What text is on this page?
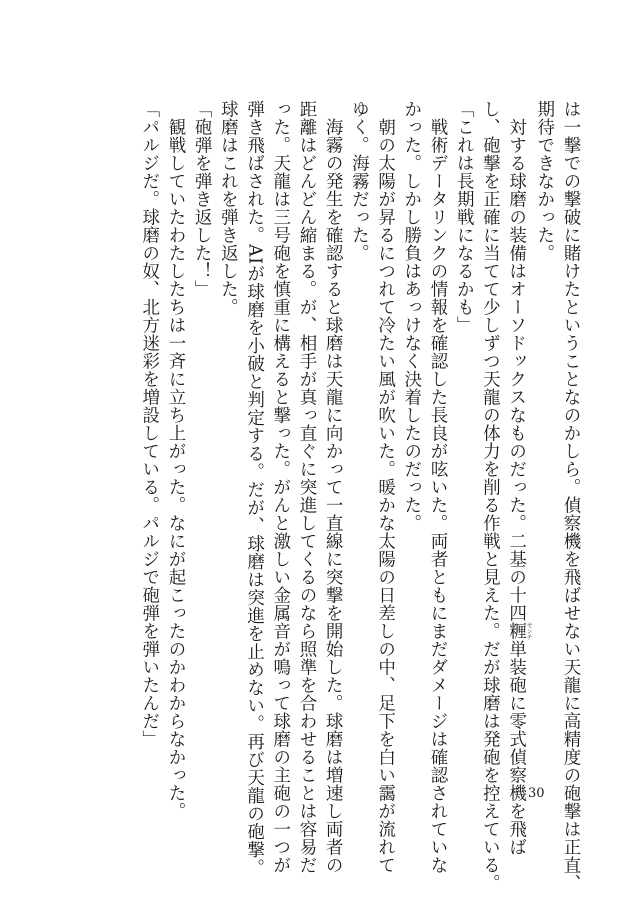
は一撃での撃破に賭けたということなのかしら。偵察機を飛ばせない天龍に高精度の砲撃は正直、
期待できなかった。
　対する球磨の装備はオーソドックスなものだった。二基の十四糎センチ単装砲に零式偵察機を飛ば
し、砲撃を正確に当てて少しずつ天龍の体力を削る作戦と見えた。だが球磨は発砲を控えている。
「これは長期戦になるかも」
　戦術データリンクの情報を確認した長良が呟いた。両者ともにまだダメージは確認されていな
かった。しかし勝負はあっけなく決着したのだった。
　朝の太陽が昇るにつれて冷たい風が吹いた。暖かな太陽の日差しの中、足下を白い靄が流れて
ゆく。海霧だった。
　海霧の発生を確認すると球磨は天龍に向かって一直線に突撃を開始した。球磨は増速し両者の
距離はどんどん縮まる。が、相手が真っ直ぐに突進してくるのなら照準を合わせることは容易だ
った。天龍は三号砲を慎重に構えると撃った。がんと激しい金属音が鳴って球磨の主砲の一つが
弾き飛ばされた。AIが球磨を小破と判定する。だが、球磨は突進を止めない。再び天龍の砲撃。
球磨はこれを弾き返した。
「砲弾を弾き返した！」
　観戦していたわたしたちは一斉に立ち上がった。なにが起こったのかわからなかった。
「パルジだ。球磨の奴、北方迷彩を増設している。パルジで砲弾を弾いたんだ」
30
